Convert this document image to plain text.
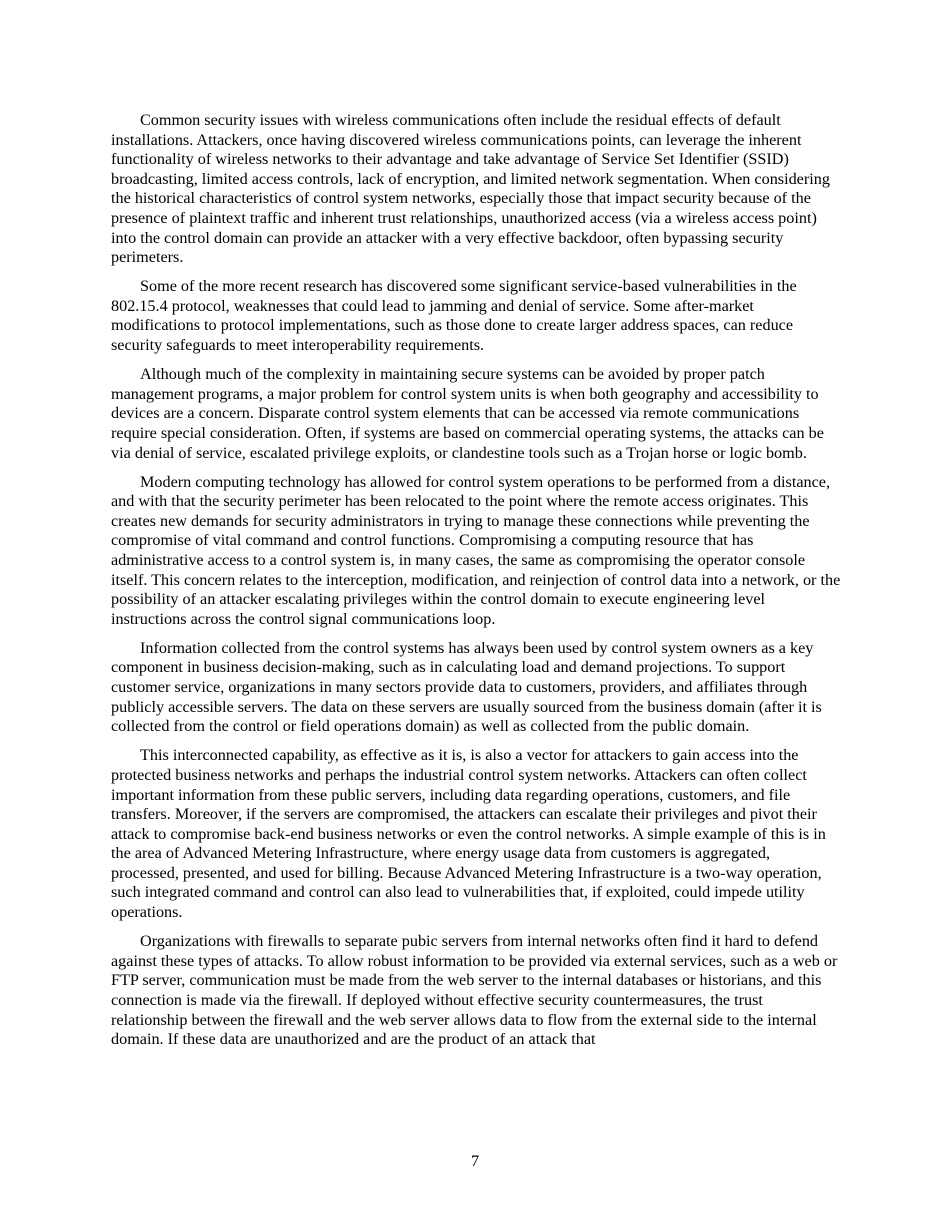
Common security issues with wireless communications often include the residual effects of default installations. Attackers, once having discovered wireless communications points, can leverage the inherent functionality of wireless networks to their advantage and take advantage of Service Set Identifier (SSID) broadcasting, limited access controls, lack of encryption, and limited network segmentation. When considering the historical characteristics of control system networks, especially those that impact security because of the presence of plaintext traffic and inherent trust relationships, unauthorized access (via a wireless access point) into the control domain can provide an attacker with a very effective backdoor, often bypassing security perimeters.

Some of the more recent research has discovered some significant service-based vulnerabilities in the 802.15.4 protocol, weaknesses that could lead to jamming and denial of service. Some after-market modifications to protocol implementations, such as those done to create larger address spaces, can reduce security safeguards to meet interoperability requirements.

Although much of the complexity in maintaining secure systems can be avoided by proper patch management programs, a major problem for control system units is when both geography and accessibility to devices are a concern. Disparate control system elements that can be accessed via remote communications require special consideration. Often, if systems are based on commercial operating systems, the attacks can be via denial of service, escalated privilege exploits, or clandestine tools such as a Trojan horse or logic bomb.

Modern computing technology has allowed for control system operations to be performed from a distance, and with that the security perimeter has been relocated to the point where the remote access originates. This creates new demands for security administrators in trying to manage these connections while preventing the compromise of vital command and control functions. Compromising a computing resource that has administrative access to a control system is, in many cases, the same as compromising the operator console itself. This concern relates to the interception, modification, and reinjection of control data into a network, or the possibility of an attacker escalating privileges within the control domain to execute engineering level instructions across the control signal communications loop.

Information collected from the control systems has always been used by control system owners as a key component in business decision-making, such as in calculating load and demand projections. To support customer service, organizations in many sectors provide data to customers, providers, and affiliates through publicly accessible servers. The data on these servers are usually sourced from the business domain (after it is collected from the control or field operations domain) as well as collected from the public domain.

This interconnected capability, as effective as it is, is also a vector for attackers to gain access into the protected business networks and perhaps the industrial control system networks. Attackers can often collect important information from these public servers, including data regarding operations, customers, and file transfers. Moreover, if the servers are compromised, the attackers can escalate their privileges and pivot their attack to compromise back-end business networks or even the control networks. A simple example of this is in the area of Advanced Metering Infrastructure, where energy usage data from customers is aggregated, processed, presented, and used for billing. Because Advanced Metering Infrastructure is a two-way operation, such integrated command and control can also lead to vulnerabilities that, if exploited, could impede utility operations.

Organizations with firewalls to separate pubic servers from internal networks often find it hard to defend against these types of attacks. To allow robust information to be provided via external services, such as a web or FTP server, communication must be made from the web server to the internal databases or historians, and this connection is made via the firewall. If deployed without effective security countermeasures, the trust relationship between the firewall and the web server allows data to flow from the external side to the internal domain. If these data are unauthorized and are the product of an attack that

7
